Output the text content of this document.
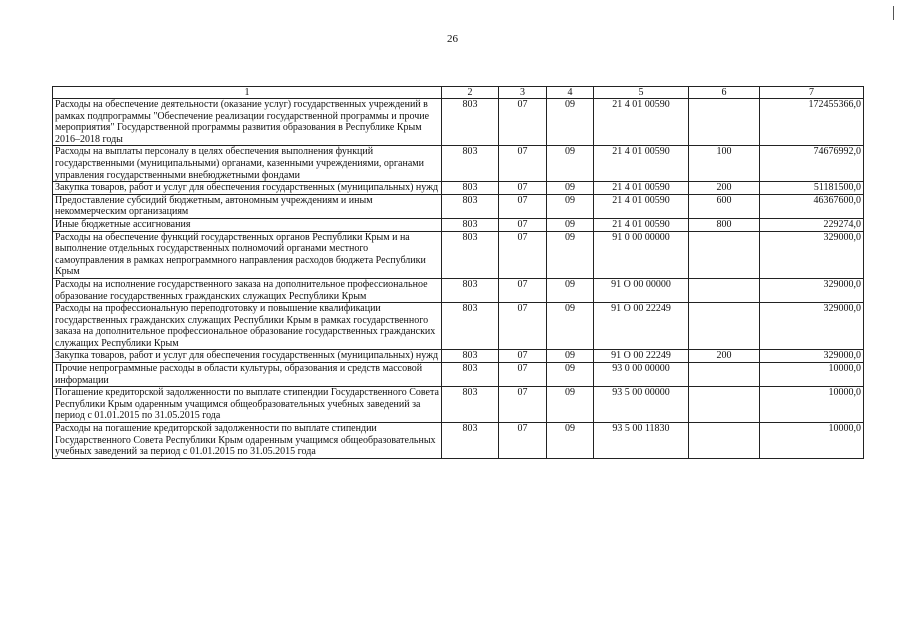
26
1	2	3	4	5	6	7
Расходы на обеспечение деятельности (оказание услуг) государственных учреждений в рамках подпрограммы "Обеспечение реализации государственной программы и прочие мероприятия" Государственной программы развития образования в Республике Крым 2016–2018 годы	803	07	09	21 4 01 00590		172455366,0
Расходы на выплаты персоналу в целях обеспечения выполнения функций государственными (муниципальными) органами, казенными учреждениями, органами управления государственными внебюджетными фондами	803	07	09	21 4 01 00590	100	74676992,0
Закупка товаров, работ и услуг для обеспечения государственных (муниципальных) нужд	803	07	09	21 4 01 00590	200	51181500,0
Предоставление субсидий бюджетным, автономным учреждениям и иным некоммерческим организациям	803	07	09	21 4 01 00590	600	46367600,0
Иные бюджетные ассигнования	803	07	09	21 4 01 00590	800	229274,0
Расходы на обеспечение функций государственных органов Республики Крым и на выполнение отдельных государственных полномочий органами местного самоуправления в рамках непрограммного направления расходов бюджета Республики Крым	803	07	09	91 0 00 00000		329000,0
Расходы на исполнение государственного заказа на дополнительное профессиональное образование государственных гражданских служащих Республики Крым	803	07	09	91 О 00 00000		329000,0
Расходы на профессиональную переподготовку и повышение квалификации государственных гражданских служащих Республики Крым в рамках государственного заказа на дополнительное профессиональное образование государственных гражданских служащих Республики Крым	803	07	09	91 О 00 22249		329000,0
Закупка товаров, работ и услуг для обеспечения государственных (муниципальных) нужд	803	07	09	91 О 00 22249	200	329000,0
Прочие непрограммные расходы в области культуры, образования и средств массовой информации	803	07	09	93 0 00 00000		10000,0
Погашение кредиторской задолженности по выплате стипендии Государственного Совета Республики Крым одаренным учащимся общеобразовательных учебных заведений за период с 01.01.2015 по 31.05.2015 года	803	07	09	93 5 00 00000		10000,0
Расходы на погашение кредиторской задолженности по выплате стипендии Государственного Совета Республики Крым одаренным учащимся общеобразовательных учебных заведений за период с 01.01.2015 по 31.05.2015 года	803	07	09	93 5 00 11830		10000,0
